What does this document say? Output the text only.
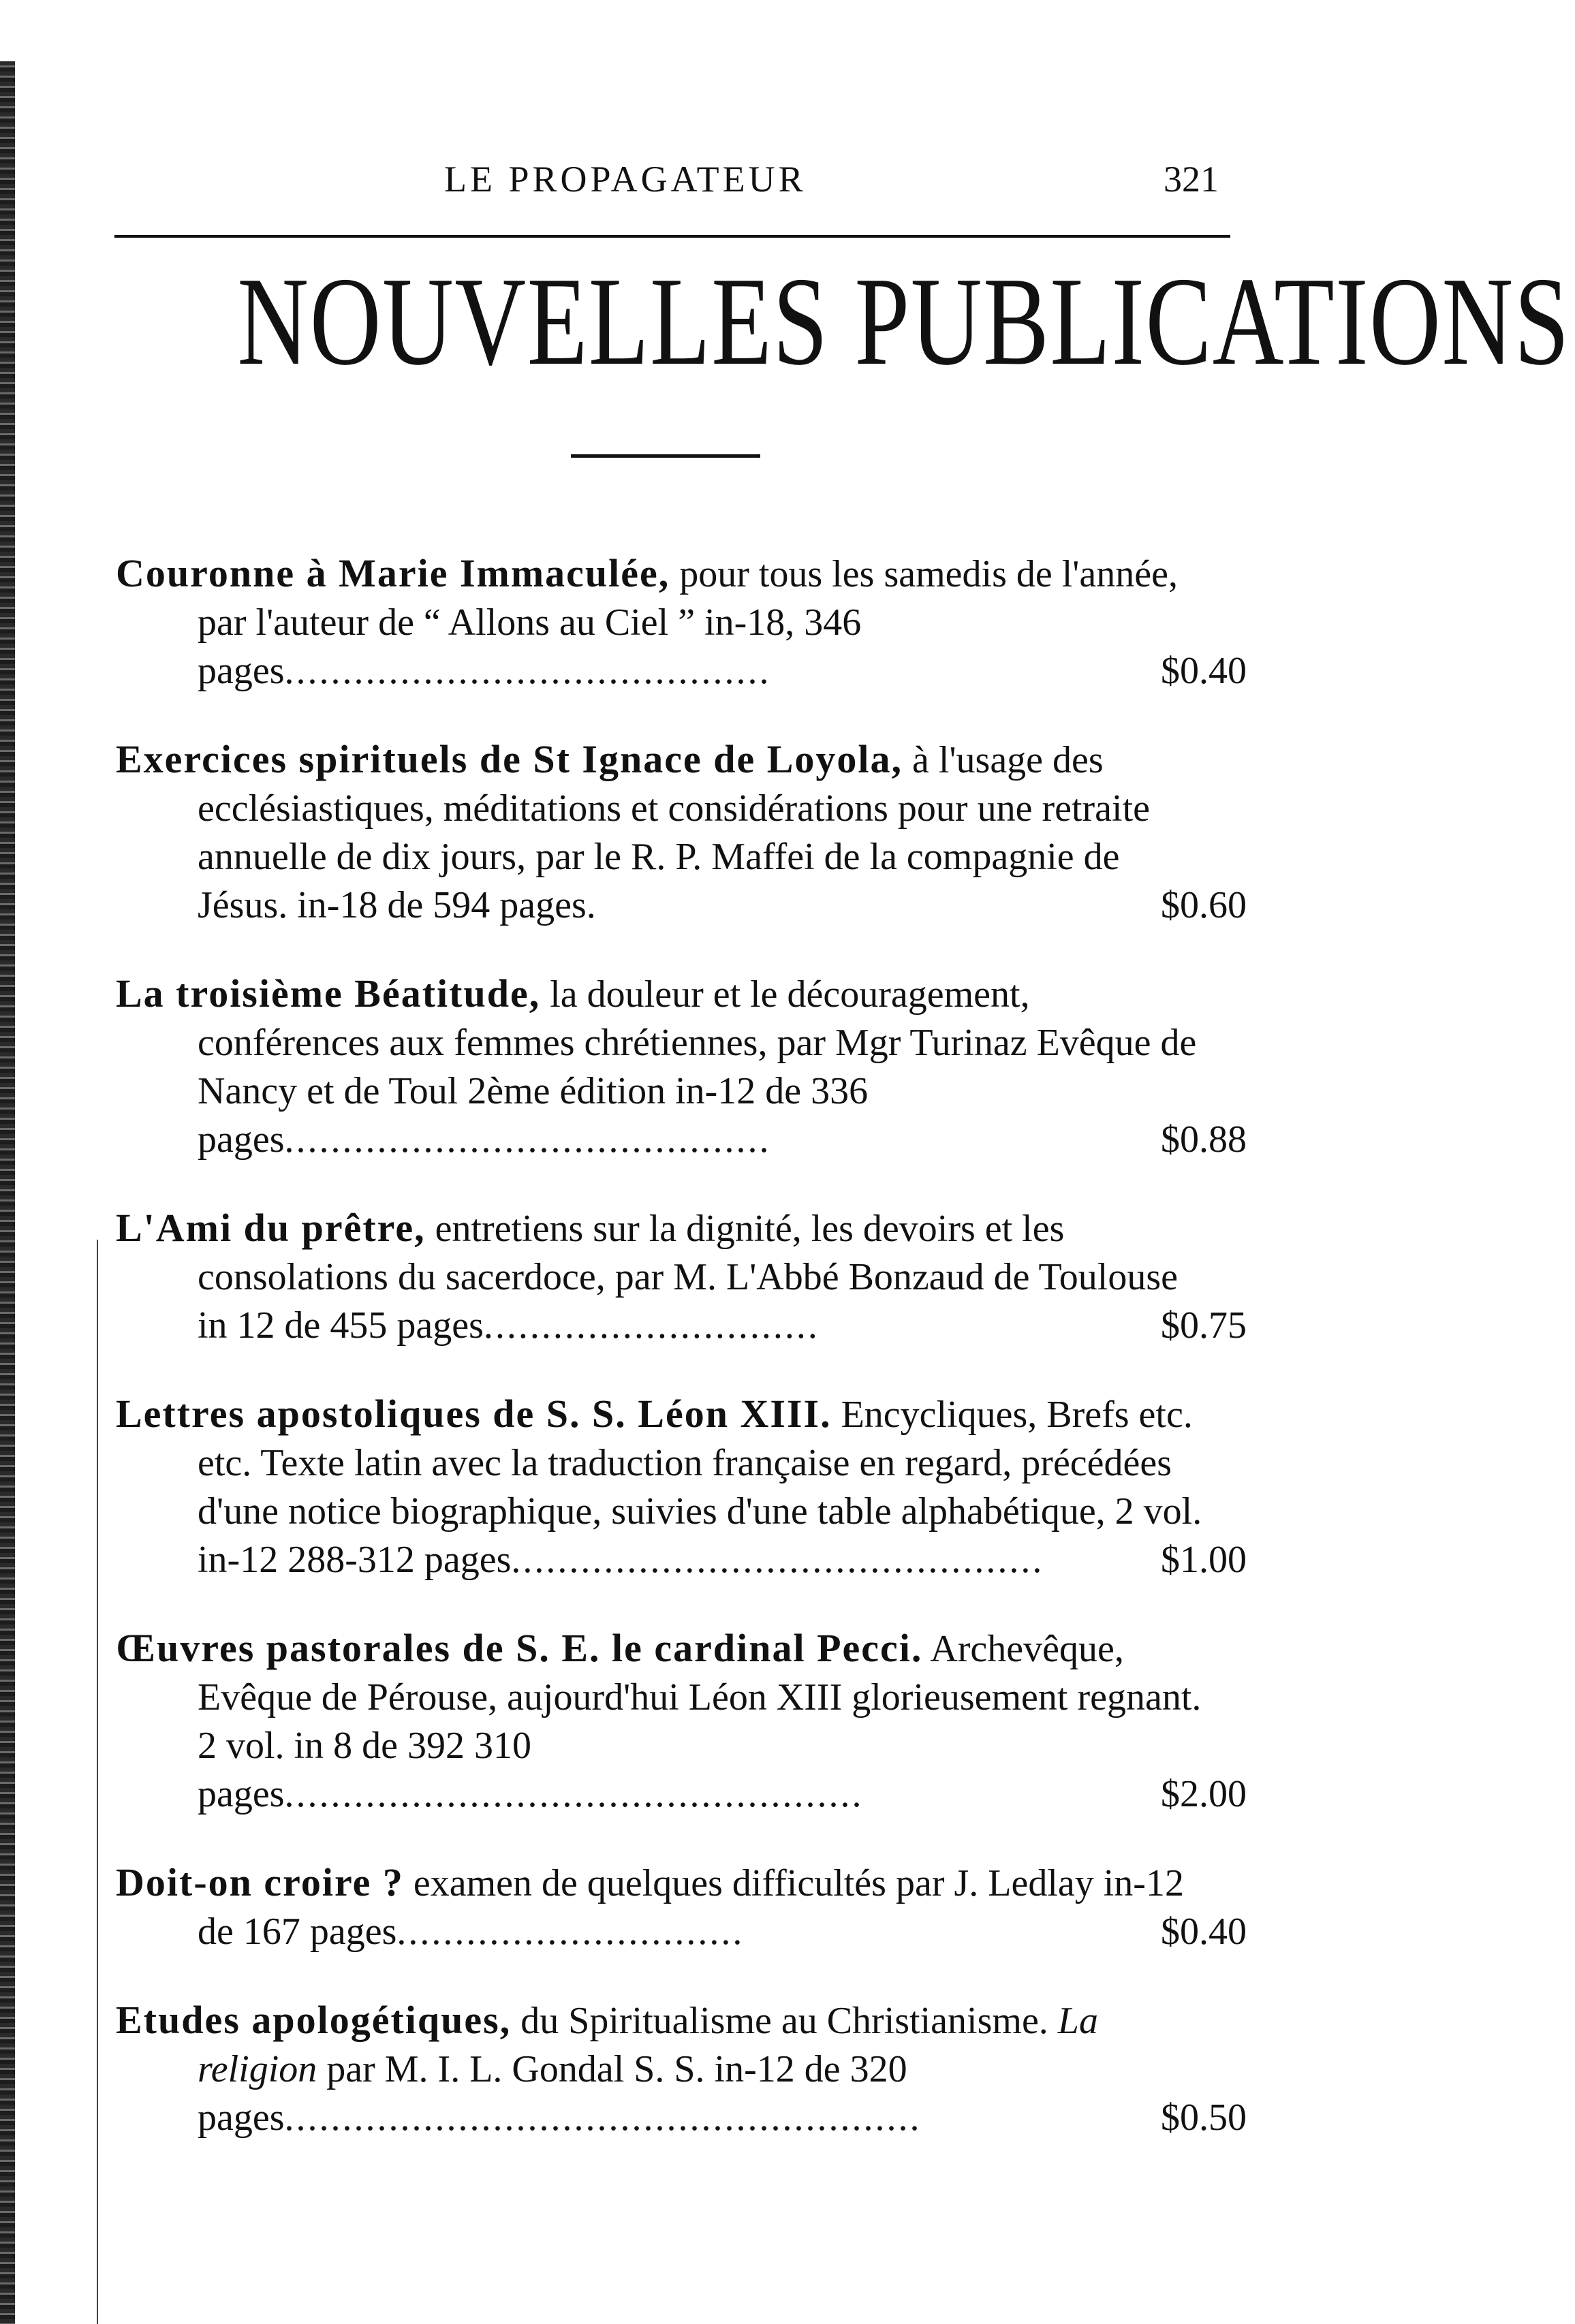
LE PROPAGATEUR	321
NOUVELLES PUBLICATIONS
Couronne à Marie Immaculée, pour tous les samedis de l'année, par l'auteur de “ Allons au Ciel ” in-18, 346 pages..........................................	$0.40
Exercices spirituels de St Ignace de Loyola, à l'usage des ecclésiastiques, méditations et considérations pour une retraite annuelle de dix jours, par le R. P. Maffei de la compagnie de Jésus. in-18 de 594 pages.	$0.60
La troisième Béatitude, la douleur et le découragement, conférences aux femmes chrétiennes, par Mgr Turinaz Evêque de Nancy et de Toul 2ème édition in-12 de 336 pages..........................................	$0.88
L'Ami du prêtre, entretiens sur la dignité, les devoirs et les consolations du sacerdoce, par M. L'Abbé Bonzaud de Toulouse in 12 de 455 pages.............................	$0.75
Lettres apostoliques de S. S. Léon XIII. Encycliques, Brefs etc. etc. Texte latin avec la traduction française en regard, précédées d'une notice biographique, suivies d'une table alphabétique, 2 vol. in-12 288-312 pages..............................................	$1.00
Œuvres pastorales de S. E. le cardinal Pecci. Archevêque, Evêque de Pérouse, aujourd'hui Léon XIII glorieusement regnant. 2 vol. in 8 de 392 310 pages..................................................	$2.00
Doit-on croire ? examen de quelques difficultés par J. Ledlay in-12 de 167 pages..............................	$0.40
Etudes apologétiques, du Spiritualisme au Christianisme. La religion par M. I. L. Gondal S. S. in-12 de 320 pages.......................................................	$0.50
